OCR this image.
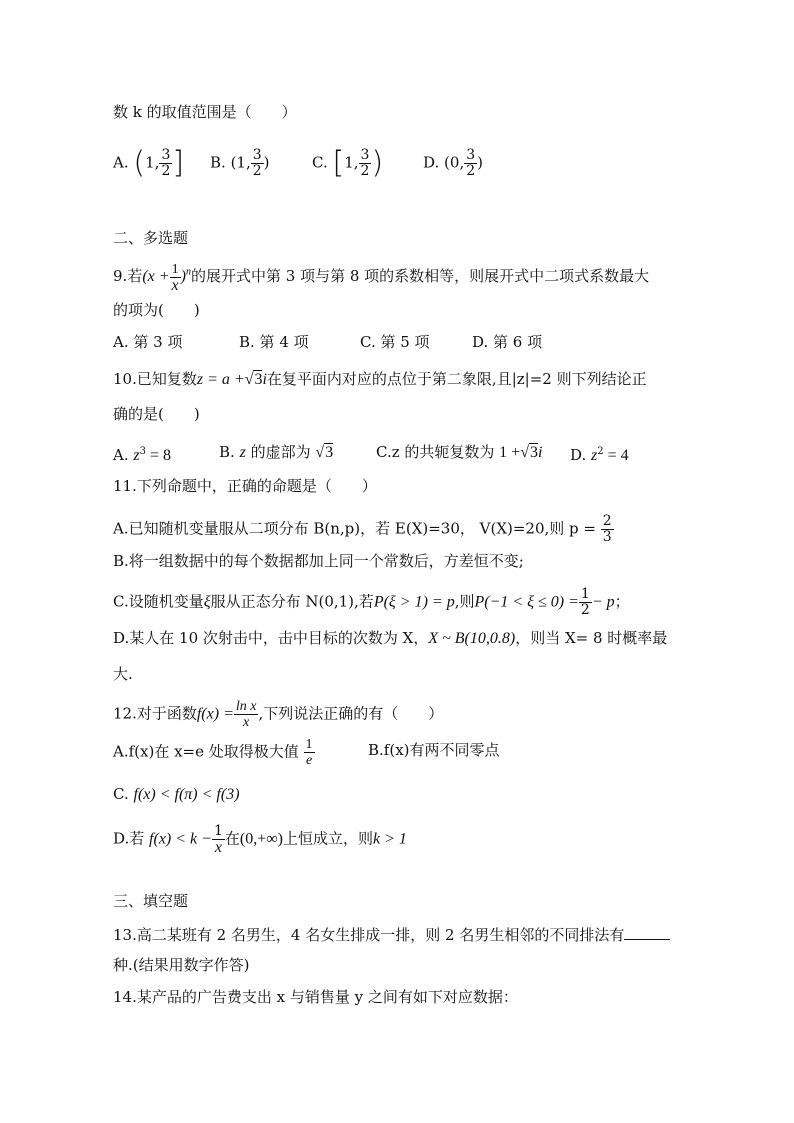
数 k 的取值范围是（　　）
A. (1, $\frac{3}{2}$ ] B. (1, $\frac{3}{2}$ )	C. [1, $\frac{3}{2}$ )	D. (0, $\frac{3}{2}$ )
二、多选题
9.若$(x + \frac{1}{x} )^n$的展开式中第 3 项与第 8 项的系数相等，则展开式中二项式系数最大
的项为(　　)
A. 第 3 项	B. 第 4 项	C. 第 5 项	D. 第 6 项
10.已知复数z = a +√3i在复平面内对应的点位于第二象限,且|z|=2 则下列结论正
确的是(　　)
A. $z^3 = 8$	B. z 的虚部为 √3	C.z 的共轭复数为 1 +√3i D. $z^2 = 4$
11.下列命题中，正确的命题是（　　）
A.已知随机变量服从二项分布 B(n,p)，若 E(X)=30， V(X)=20,则 $p = \frac{2}{3}$
B.将一组数据中的每个数据都加上同一个常数后，方差恒不变;
C.设随机变量ξ服从正态分布 N(0,1),若P(ξ > 1) = p,则$P(-1 < \xi \le 0) = \frac{1}{2} - p$；
D.某人在 10 次射击中，击中目标的次数为 X，X ~ B(10,0.8)，则当 X= 8 时概率最
大.
12.对于函数$f(x) = \frac{\text{ln x}}{x}$ ,下列说法正确的有（　　）
A.f(x)在 x=e 处取得极大值 $\frac{1}{e}$	B.f(x)有两不同零点
C. f(x) < f(π) < f(3)
D.若 $f(x) < k - \frac{1}{x}$ 在(0,+∞)上恒成立，则k > 1
三、填空题
13.高二某班有 2 名男生，4 名女生排成一排，则 2 名男生相邻的不同排法有
种.(结果用数字作答)
14.某产品的广告费支出 x 与销售量 y 之间有如下对应数据：
